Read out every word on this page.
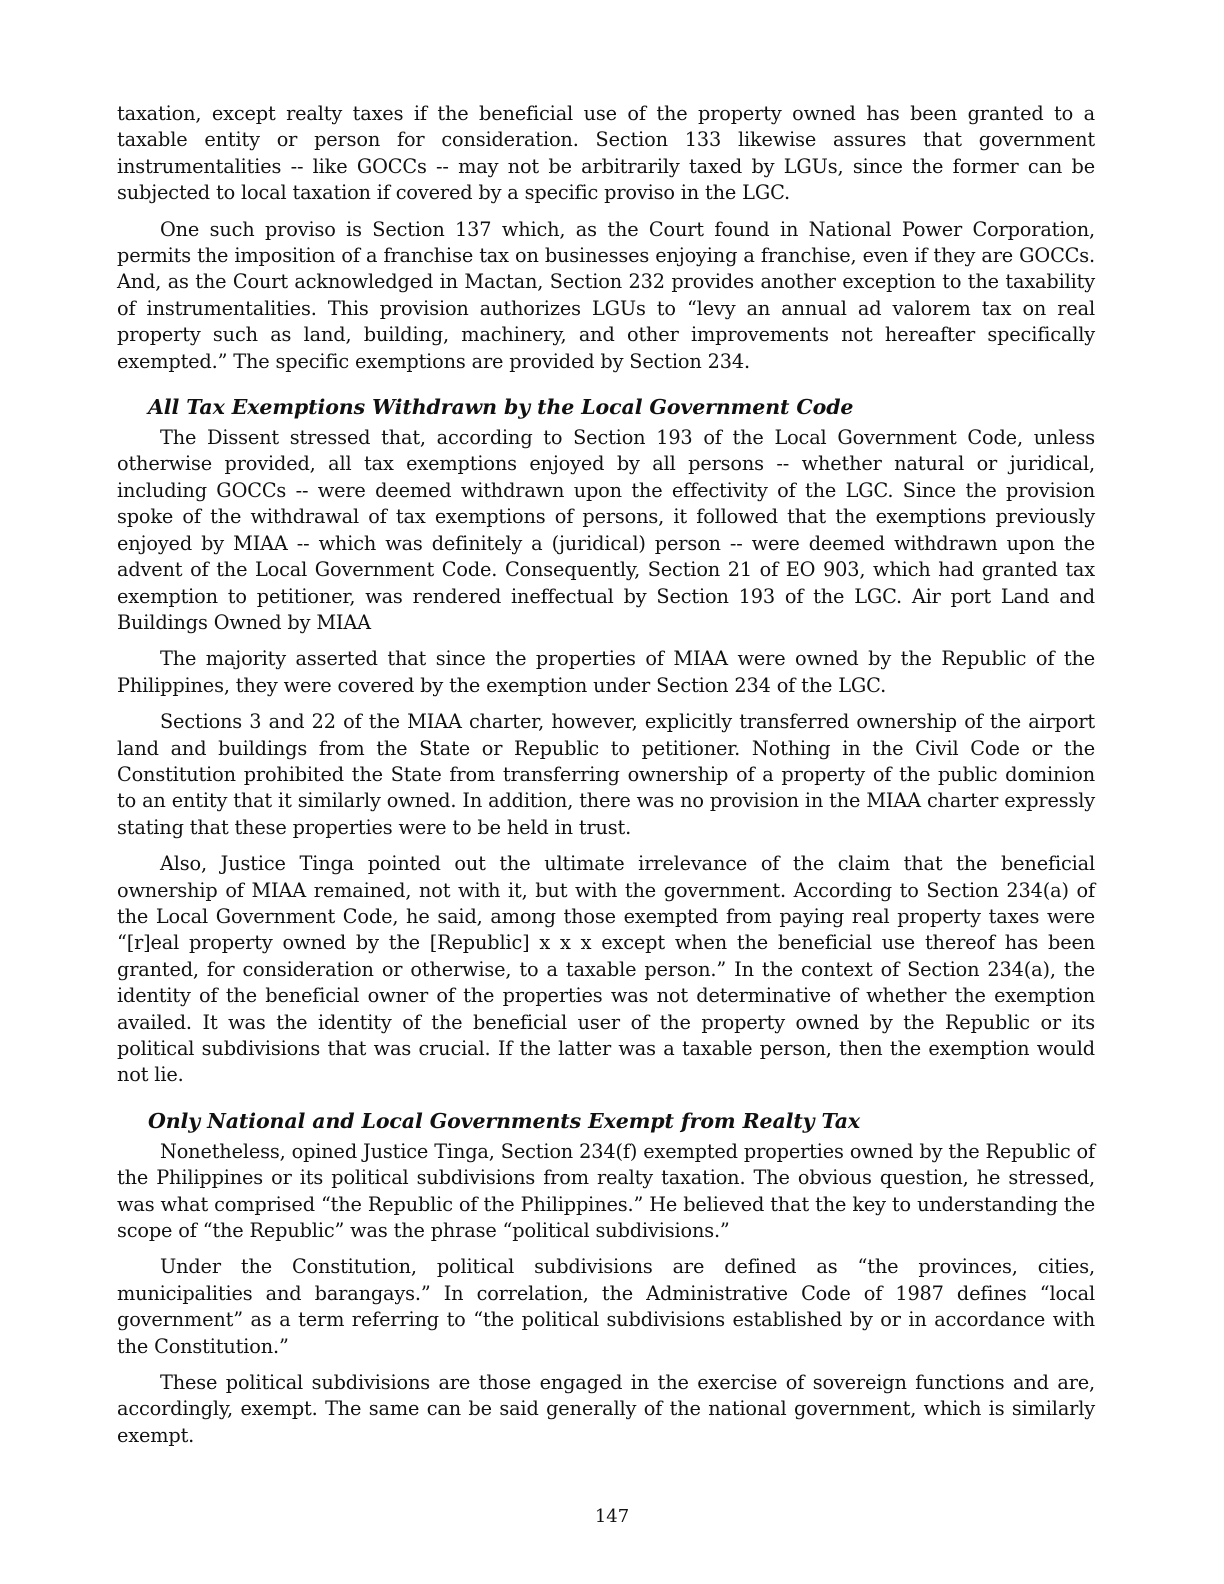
taxation, except realty taxes if the beneficial use of the property owned has been granted to a taxable entity or person for consideration. Section 133 likewise assures that government instrumentalities -- like GOCCs -- may not be arbitrarily taxed by LGUs, since the former can be subjected to local taxation if covered by a specific proviso in the LGC.

One such proviso is Section 137 which, as the Court found in National Power Corporation, permits the imposition of a franchise tax on businesses enjoying a franchise, even if they are GOCCs. And, as the Court acknowledged in Mactan, Section 232 provides another exception to the taxability of instrumentalities. This provision authorizes LGUs to “levy an annual ad valorem tax on real property such as land, building, machinery, and other improvements not hereafter specifically exempted.” The specific exemptions are provided by Section 234.

All Tax Exemptions Withdrawn by the Local Government Code

The Dissent stressed that, according to Section 193 of the Local Government Code, unless otherwise provided, all tax exemptions enjoyed by all persons -- whether natural or juridical, including GOCCs -- were deemed withdrawn upon the effectivity of the LGC. Since the provision spoke of the withdrawal of tax exemptions of persons, it followed that the exemptions previously enjoyed by MIAA -- which was definitely a (juridical) person -- were deemed withdrawn upon the advent of the Local Government Code. Consequently, Section 21 of EO 903, which had granted tax exemption to petitioner, was rendered ineffectual by Section 193 of the LGC. Air port Land and Buildings Owned by MIAA

The majority asserted that since the properties of MIAA were owned by the Republic of the Philippines, they were covered by the exemption under Section 234 of the LGC.

Sections 3 and 22 of the MIAA charter, however, explicitly transferred ownership of the airport land and buildings from the State or Republic to petitioner. Nothing in the Civil Code or the Constitution prohibited the State from transferring ownership of a property of the public dominion to an entity that it similarly owned. In addition, there was no provision in the MIAA charter expressly stating that these properties were to be held in trust.

Also, Justice Tinga pointed out the ultimate irrelevance of the claim that the beneficial ownership of MIAA remained, not with it, but with the government. According to Section 234(a) of the Local Government Code, he said, among those exempted from paying real property taxes were “[r]eal property owned by the [Republic] x x x except when the beneficial use thereof has been granted, for consideration or otherwise, to a taxable person.” In the context of Section 234(a), the identity of the beneficial owner of the properties was not determinative of whether the exemption availed. It was the identity of the beneficial user of the property owned by the Republic or its political subdivisions that was crucial. If the latter was a taxable person, then the exemption would not lie.

Only National and Local Governments Exempt from Realty Tax

Nonetheless, opined Justice Tinga, Section 234(f) exempted properties owned by the Republic of the Philippines or its political subdivisions from realty taxation. The obvious question, he stressed, was what comprised “the Republic of the Philippines.” He believed that the key to understanding the scope of “the Republic” was the phrase “political subdivisions.”

Under the Constitution, political subdivisions are defined as “the provinces, cities, municipalities and barangays.” In correlation, the Administrative Code of 1987 defines “local government” as a term referring to “the political subdivisions established by or in accordance with the Constitution.”

These political subdivisions are those engaged in the exercise of sovereign functions and are, accordingly, exempt. The same can be said generally of the national government, which is similarly exempt.

147
